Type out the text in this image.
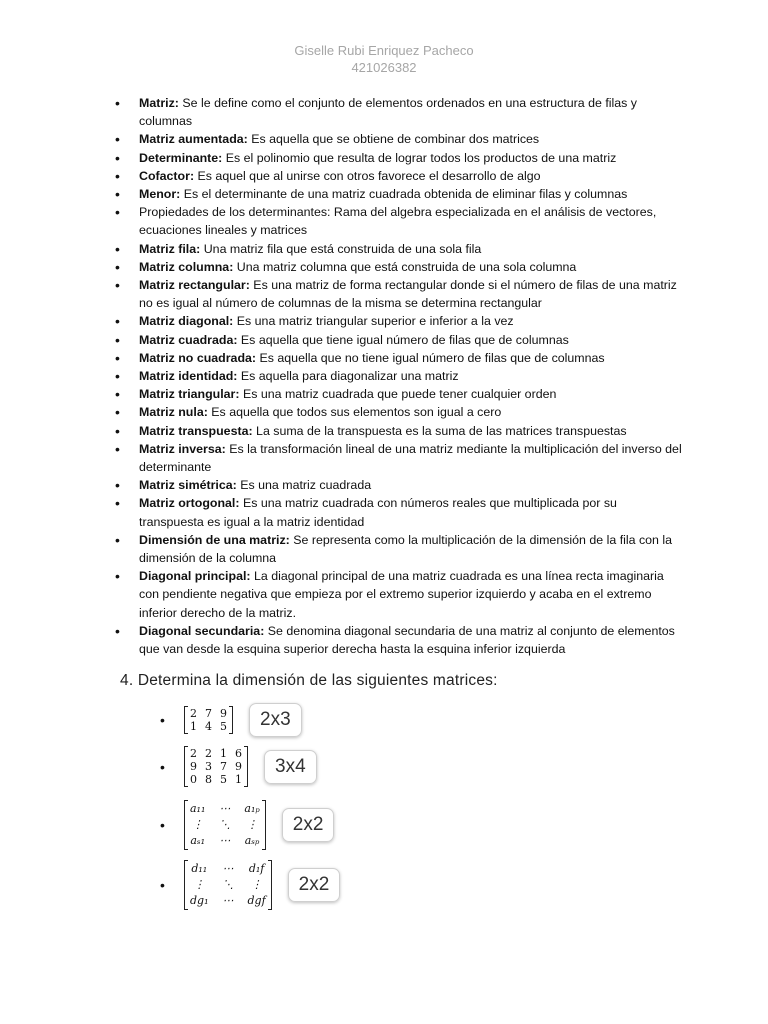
Giselle Rubi Enriquez Pacheco
421026382
• Matriz: Se le define como el conjunto de elementos ordenados en una estructura de filas y columnas
• Matriz aumentada: Es aquella que se obtiene de combinar dos matrices
• Determinante: Es el polinomio que resulta de lograr todos los productos de una matriz
• Cofactor: Es aquel que al unirse con otros favorece el desarrollo de algo
• Menor: Es el determinante de una matriz cuadrada obtenida de eliminar filas y columnas
• Propiedades de los determinantes: Rama del algebra especializada en el análisis de vectores, ecuaciones lineales y matrices
• Matriz fila: Una matriz fila que está construida de una sola fila
• Matriz columna: Una matriz columna que está construida de una sola columna
• Matriz rectangular: Es una matriz de forma rectangular donde si el número de filas de una matriz no es igual al número de columnas de la misma se determina rectangular
• Matriz diagonal: Es una matriz triangular superior e inferior a la vez
• Matriz cuadrada: Es aquella que tiene igual número de filas que de columnas
• Matriz no cuadrada: Es aquella que no tiene igual número de filas que de columnas
• Matriz identidad: Es aquella para diagonalizar una matriz
• Matriz triangular: Es una matriz cuadrada que puede tener cualquier orden
• Matriz nula: Es aquella que todos sus elementos son igual a cero
• Matriz transpuesta: La suma de la transpuesta es la suma de las matrices transpuestas
• Matriz inversa: Es la transformación lineal de una matriz mediante la multiplicación del inverso del determinante
• Matriz simétrica: Es una matriz cuadrada
• Matriz ortogonal: Es una matriz cuadrada con números reales que multiplicada por su transpuesta es igual a la matriz identidad
• Dimensión de una matriz: Se representa como la multiplicación de la dimensión de la fila con la dimensión de la columna
• Diagonal principal: La diagonal principal de una matriz cuadrada es una línea recta imaginaria con pendiente negativa que empieza por el extremo superior izquierdo y acaba en el extremo inferior derecho de la matriz.
• Diagonal secundaria: Se denomina diagonal secundaria de una matriz al conjunto de elementos que van desde la esquina superior derecha hasta la esquina inferior izquierda
4. Determina la dimensión de las siguientes matrices:
•	2 7 9
1 4 5	2x3
•
2 2 1 6
9 3 7 9
0 8 5 1
3x4
•
a₁₁ ⋯ a₁ₚ
⋮ ⋱ ⋮
aₛ₁ ⋯ aₛₚ
2x2
•
d₁₁ ⋯ d₁f
⋮	⋱	⋮
dg₁ ⋯ dgf
2x2
